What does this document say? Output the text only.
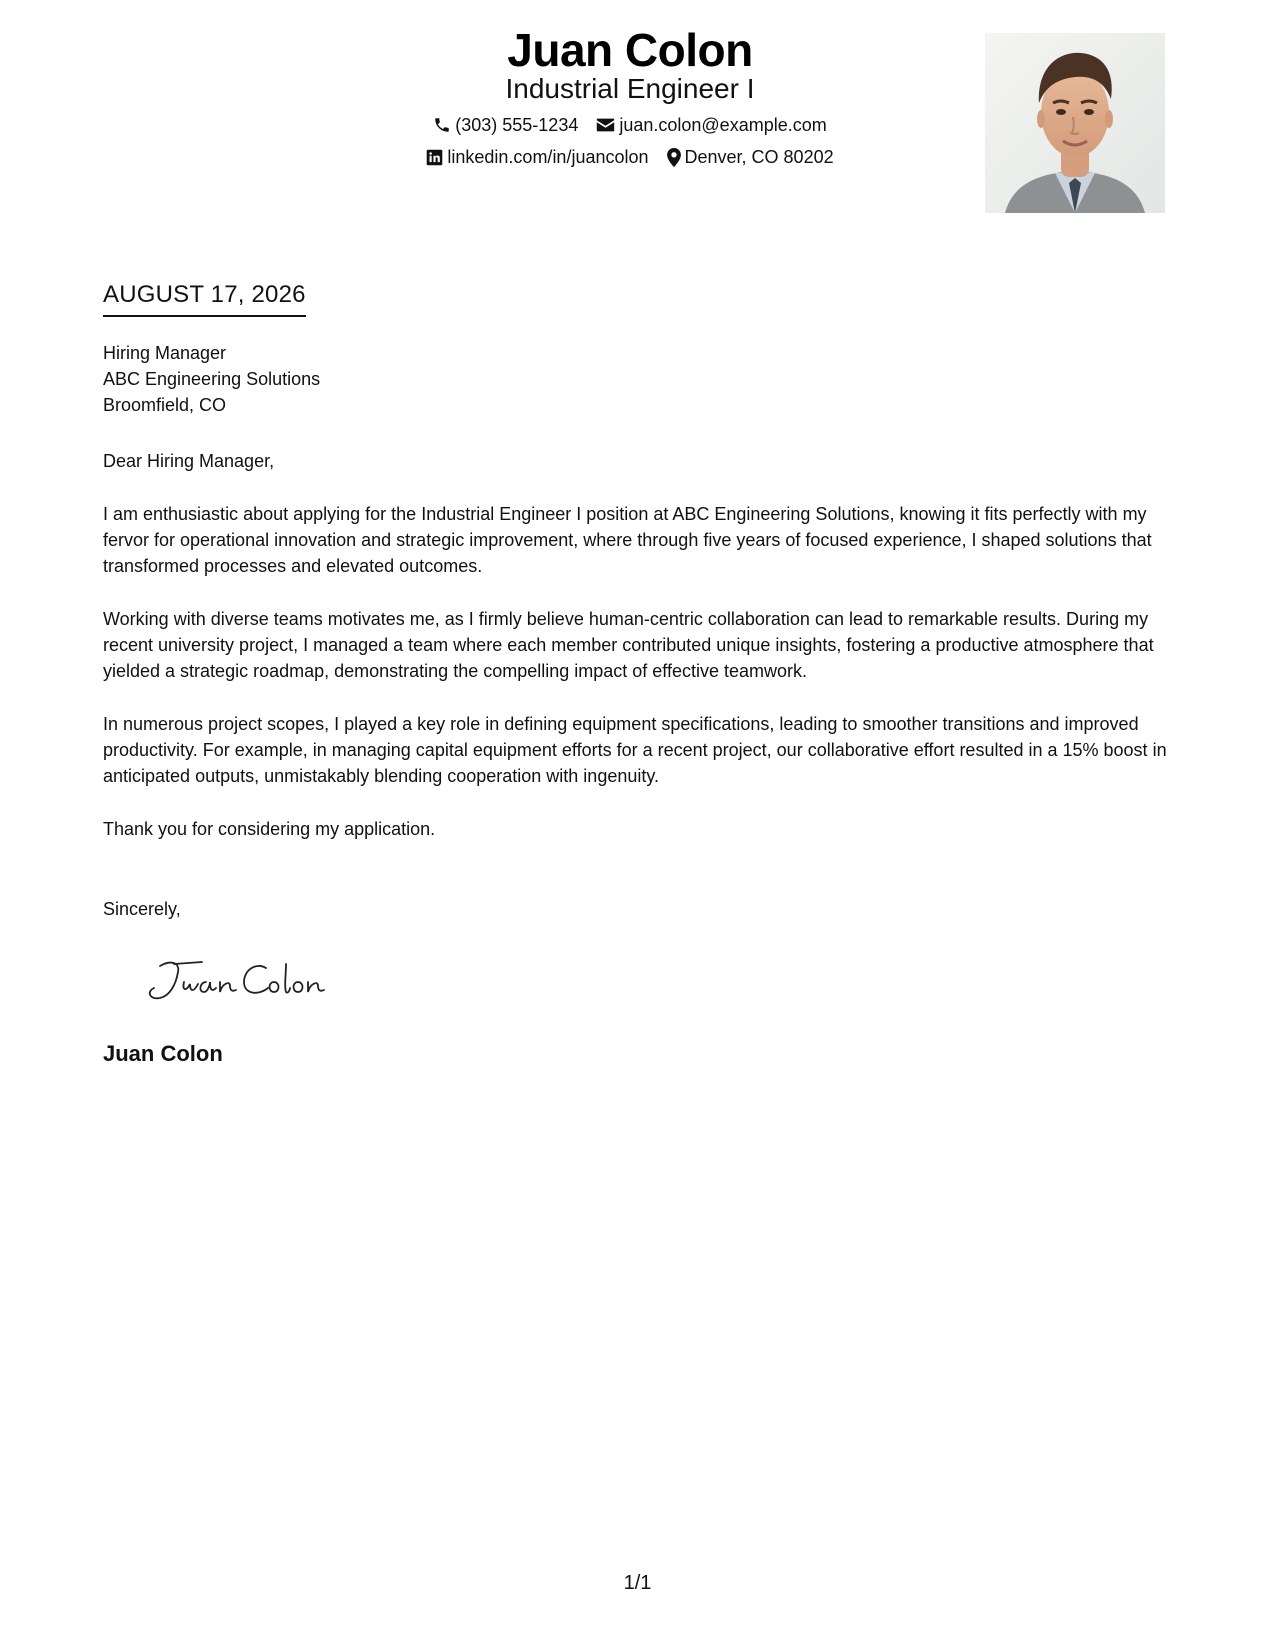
Juan Colon
Industrial Engineer I
(303) 555-1234 juan.colon@example.com
linkedin.com/in/juancolon Denver, CO 80202
AUGUST 17, 2026
Hiring Manager
ABC Engineering Solutions
Broomfield, CO

Dear Hiring Manager,

I am enthusiastic about applying for the Industrial Engineer I position at ABC Engineering Solutions, knowing it fits perfectly with my fervor for operational innovation and strategic improvement, where through five years of focused experience, I shaped solutions that transformed processes and elevated outcomes.

Working with diverse teams motivates me, as I firmly believe human-centric collaboration can lead to remarkable results. During my recent university project, I managed a team where each member contributed unique insights, fostering a productive atmosphere that yielded a strategic roadmap, demonstrating the compelling impact of effective teamwork.

In numerous project scopes, I played a key role in defining equipment specifications, leading to smoother transitions and improved productivity. For example, in managing capital equipment efforts for a recent project, our collaborative effort resulted in a 15% boost in anticipated outputs, unmistakably blending cooperation with ingenuity.

Thank you for considering my application.

Sincerely,
Juan Colon
1/1
